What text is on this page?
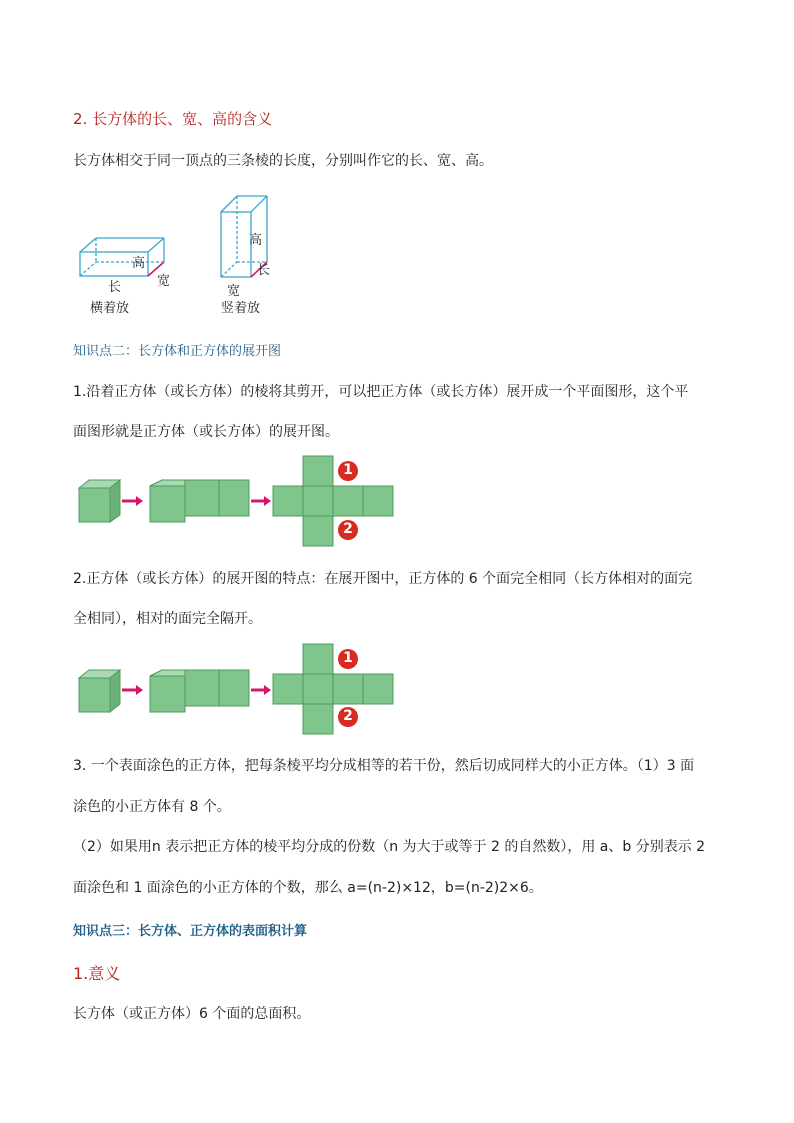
2. 长方体的长、宽、高的含义
长方体相交于同一顶点的三条棱的长度，分别叫作它的长、宽、高。
高
长	宽
横着放
高
长
宽
竖着放
知识点二：长方体和正方体的展开图
1.沿着正方体（或长方体）的棱将其剪开，可以把正方体（或长方体）展开成一个平面图形，这个平
面图形就是正方体（或长方体）的展开图。
1
2
2.正方体（或长方体）的展开图的特点：在展开图中，正方体的 6 个面完全相同（长方体相对的面完
全相同），相对的面完全隔开。
1
2
3. 一个表面涂色的正方体，把每条棱平均分成相等的若干份，然后切成同样大的小正方体。（1）3 面
涂色的小正方体有 8 个。
（2）如果用n 表示把正方体的棱平均分成的份数（n 为大于或等于 2 的自然数），用 a、b 分别表示 2
面涂色和 1 面涂色的小正方体的个数，那么 a=(n-2)×12，b=(n-2)2×6。
知识点三：长方体、正方体的表面积计算
1.意义
长方体（或正方体）6 个面的总面积。
